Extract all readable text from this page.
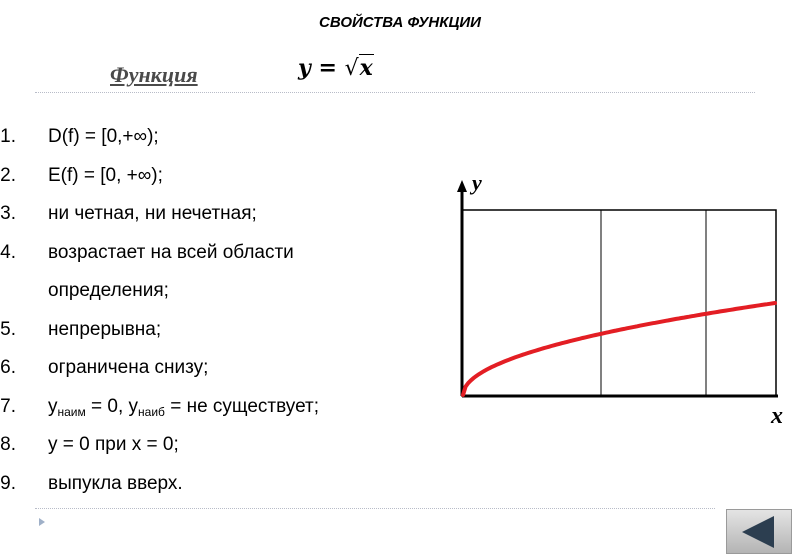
СВОЙСТВА ФУНКЦИИ
Функция	y = √x
1. D(f) = [0,+∞);
2. E(f) = [0, +∞);
3. ни четная, ни нечетная;
4. возрастает на всей области
определения;
5. непрерывна;
6. ограничена снизу;
7. $у_{наим} = 0$, $у_{наиб}$ = не существует;
8. у = 0 при х = 0;
9. выпукла вверх.
y
x
